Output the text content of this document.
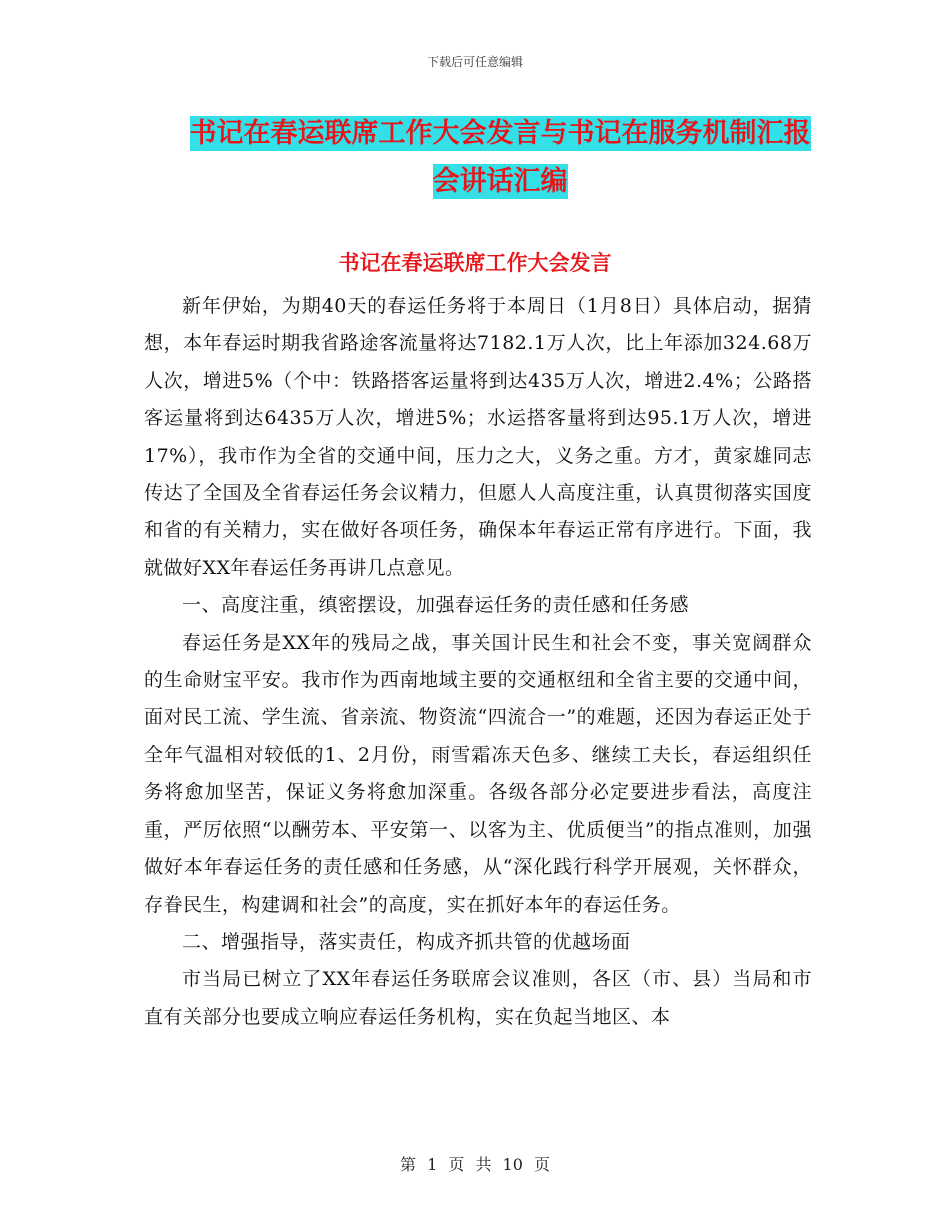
下载后可任意编辑
书记在春运联席工作大会发言与书记在服务机制汇报
会讲话汇编
书记在春运联席工作大会发言

新年伊始，为期40天的春运任务将于本周日（1月8日）具体启动，据猜想，本年春运时期我省路途客流量将达7182.1万人次，比上年添加324.68万人次，增进5%（个中：铁路搭客运量将到达435万人次，增进2.4%；公路搭客运量将到达6435万人次，增进5%；水运搭客量将到达95.1万人次，增进17%），我市作为全省的交通中间，压力之大，义务之重。方才，黄家雄同志传达了全国及全省春运任务会议精力，但愿人人高度注重，认真贯彻落实国度和省的有关精力，实在做好各项任务，确保本年春运正常有序进行。下面，我就做好XX年春运任务再讲几点意见。

一、高度注重，缜密摆设，加强春运任务的责任感和任务感

春运任务是XX年的残局之战，事关国计民生和社会不变，事关宽阔群众的生命财宝平安。我市作为西南地域主要的交通枢纽和全省主要的交通中间，面对民工流、学生流、省亲流、物资流“四流合一”的难题，还因为春运正处于全年气温相对较低的1、2月份，雨雪霜冻天色多、继续工夫长，春运组织任务将愈加坚苦，保证义务将愈加深重。各级各部分必定要进步看法，高度注重，严厉依照“以酬劳本、平安第一、以客为主、优质便当”的指点准则，加强做好本年春运任务的责任感和任务感，从“深化践行科学开展观，关怀群众，存眷民生，构建调和社会”的高度，实在抓好本年的春运任务。

二、增强指导，落实责任，构成齐抓共管的优越场面

市当局已树立了XX年春运任务联席会议准则，各区（市、县）当局和市直有关部分也要成立响应春运任务机构，实在负起当地区、本

第 1 页 共 10 页
